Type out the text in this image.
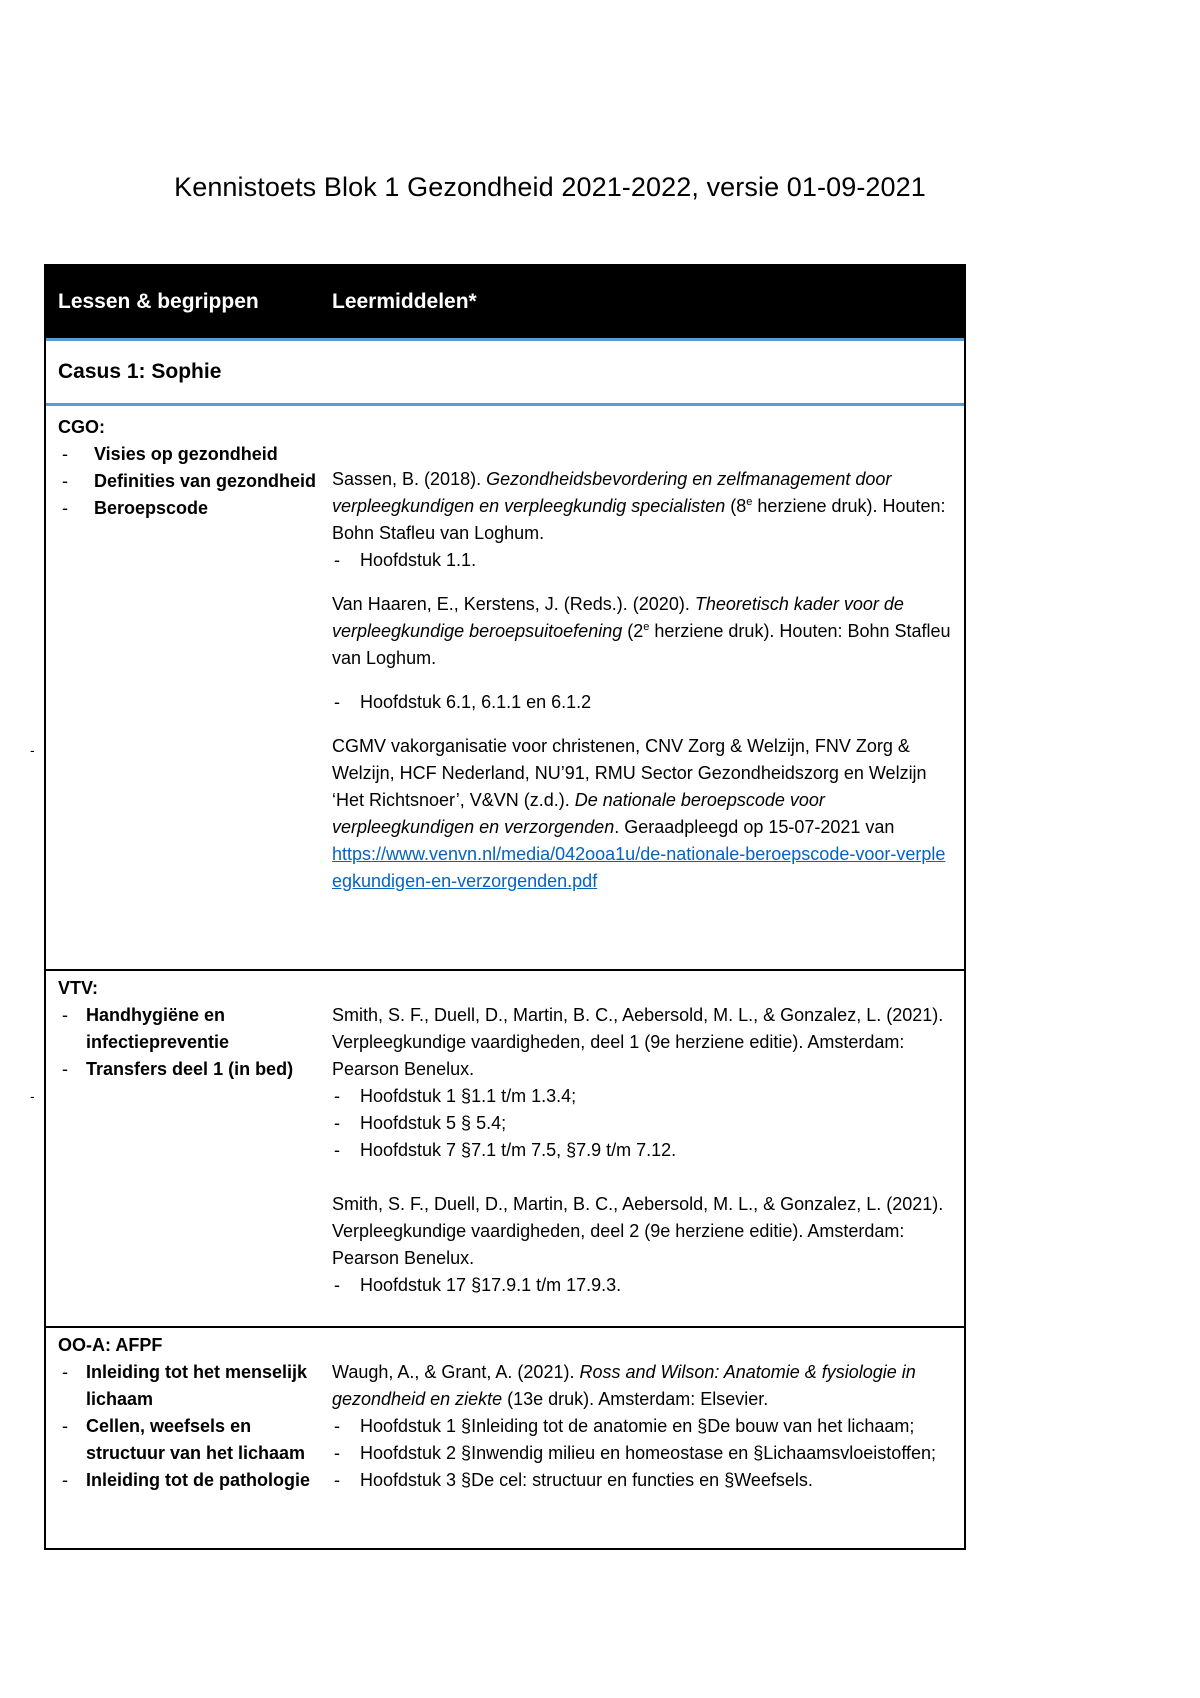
Kennistoets Blok 1 Gezondheid 2021-2022, versie 01-09-2021
-
-
Lessen & begrippen	Leermiddelen*
Casus 1: Sophie
CGO:
- Visies op gezondheid
- Definities van gezondheid
- Beroepscode

Sassen, B. (2018). Gezondheidsbevordering en zelfmanagement door verpleegkundigen en verpleegkundig specialisten (8e herziene druk). Houten: Bohn Stafleu van Loghum.

- Hoofdstuk 1.1.

Van Haaren, E., Kerstens, J. (Reds.). (2020). Theoretisch kader voor de verpleegkundige beroepsuitoefening (2e herziene druk). Houten: Bohn Stafleu van Loghum.

- Hoofdstuk 6.1, 6.1.1 en 6.1.2

CGMV vakorganisatie voor christenen, CNV Zorg & Welzijn, FNV Zorg & Welzijn, HCF Nederland, NU’91, RMU Sector Gezondheidszorg en Welzijn ‘Het Richtsnoer’, V&VN (z.d.). De nationale beroepscode voor verpleegkundigen en verzorgenden. Geraadpleegd op 15-07-2021 van
https://www.venvn.nl/media/042ooa1u/de-nationale-beroepscode-voor-verpleegkundigen-en-verzorgenden.pdf

VTV:
- Handhygiëne en infectiepreventie
- Transfers deel 1 (in bed)

Smith, S. F., Duell, D., Martin, B. C., Aebersold, M. L., & Gonzalez, L. (2021). Verpleegkundige vaardigheden, deel 1 (9e herziene editie). Amsterdam: Pearson Benelux.

- Hoofdstuk 1 §1.1 t/m 1.3.4;
- Hoofdstuk 5 § 5.4;
- Hoofdstuk 7 §7.1 t/m 7.5, §7.9 t/m 7.12.

Smith, S. F., Duell, D., Martin, B. C., Aebersold, M. L., & Gonzalez, L. (2021). Verpleegkundige vaardigheden, deel 2 (9e herziene editie). Amsterdam: Pearson Benelux.

- Hoofdstuk 17 §17.9.1 t/m 17.9.3.
OO-A: AFPF
- Inleiding tot het menselijk lichaam
- Cellen, weefsels en structuur van het lichaam
- Inleiding tot de pathologie

Waugh, A., & Grant, A. (2021). Ross and Wilson: Anatomie & fysiologie in gezondheid en ziekte (13e druk). Amsterdam: Elsevier.

- Hoofdstuk 1 §Inleiding tot de anatomie en §De bouw van het lichaam;
- Hoofdstuk 2 §Inwendig milieu en homeostase en §Lichaamsvloeistoffen;
- Hoofdstuk 3 §De cel: structuur en functies en §Weefsels.
